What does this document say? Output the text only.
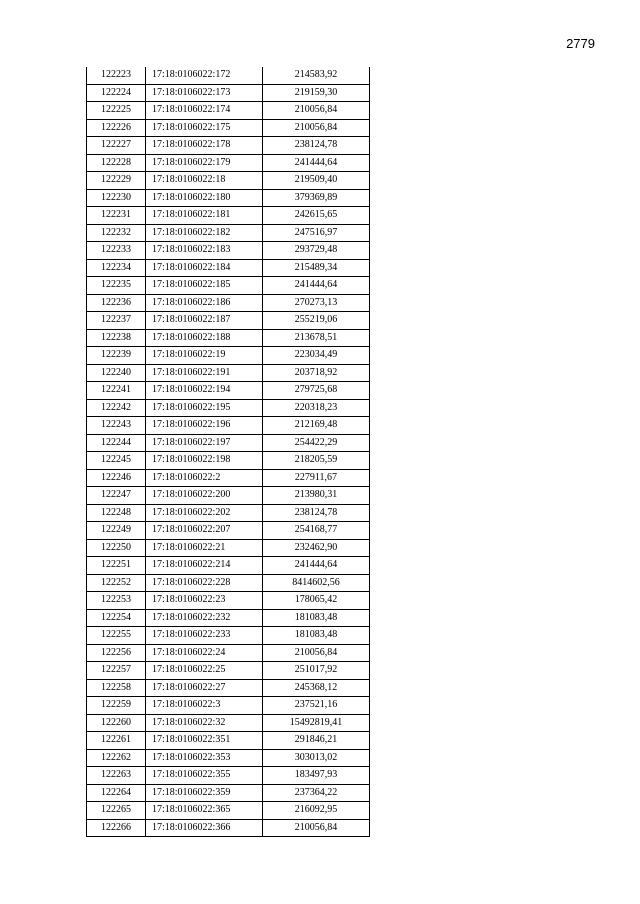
2779
122223	17:18:0106022:172	214583,92
122224	17:18:0106022:173	219159,30
122225	17:18:0106022:174	210056,84
122226	17:18:0106022:175	210056,84
122227	17:18:0106022:178	238124,78
122228	17:18:0106022:179	241444,64
122229	17:18:0106022:18	219509,40
122230	17:18:0106022:180	379369,89
122231	17:18:0106022:181	242615,65
122232	17:18:0106022:182	247516,97
122233	17:18:0106022:183	293729,48
122234	17:18:0106022:184	215489,34
122235	17:18:0106022:185	241444,64
122236	17:18:0106022:186	270273,13
122237	17:18:0106022:187	255219,06
122238	17:18:0106022:188	213678,51
122239	17:18:0106022:19	223034,49
122240	17:18:0106022:191	203718,92
122241	17:18:0106022:194	279725,68
122242	17:18:0106022:195	220318,23
122243	17:18:0106022:196	212169,48
122244	17:18:0106022:197	254422,29
122245	17:18:0106022:198	218205,59
122246	17:18:0106022:2	227911,67
122247	17:18:0106022:200	213980,31
122248	17:18:0106022:202	238124,78
122249	17:18:0106022:207	254168,77
122250	17:18:0106022:21	232462,90
122251	17:18:0106022:214	241444,64
122252	17:18:0106022:228	8414602,56
122253	17:18:0106022:23	178065,42
122254	17:18:0106022:232	181083,48
122255	17:18:0106022:233	181083,48
122256	17:18:0106022:24	210056,84
122257	17:18:0106022:25	251017,92
122258	17:18:0106022:27	245368,12
122259	17:18:0106022:3	237521,16
122260	17:18:0106022:32	15492819,41
122261	17:18:0106022:351	291846,21
122262	17:18:0106022:353	303013,02
122263	17:18:0106022:355	183497,93
122264	17:18:0106022:359	237364,22
122265	17:18:0106022:365	216092,95
122266	17:18:0106022:366	210056,84
